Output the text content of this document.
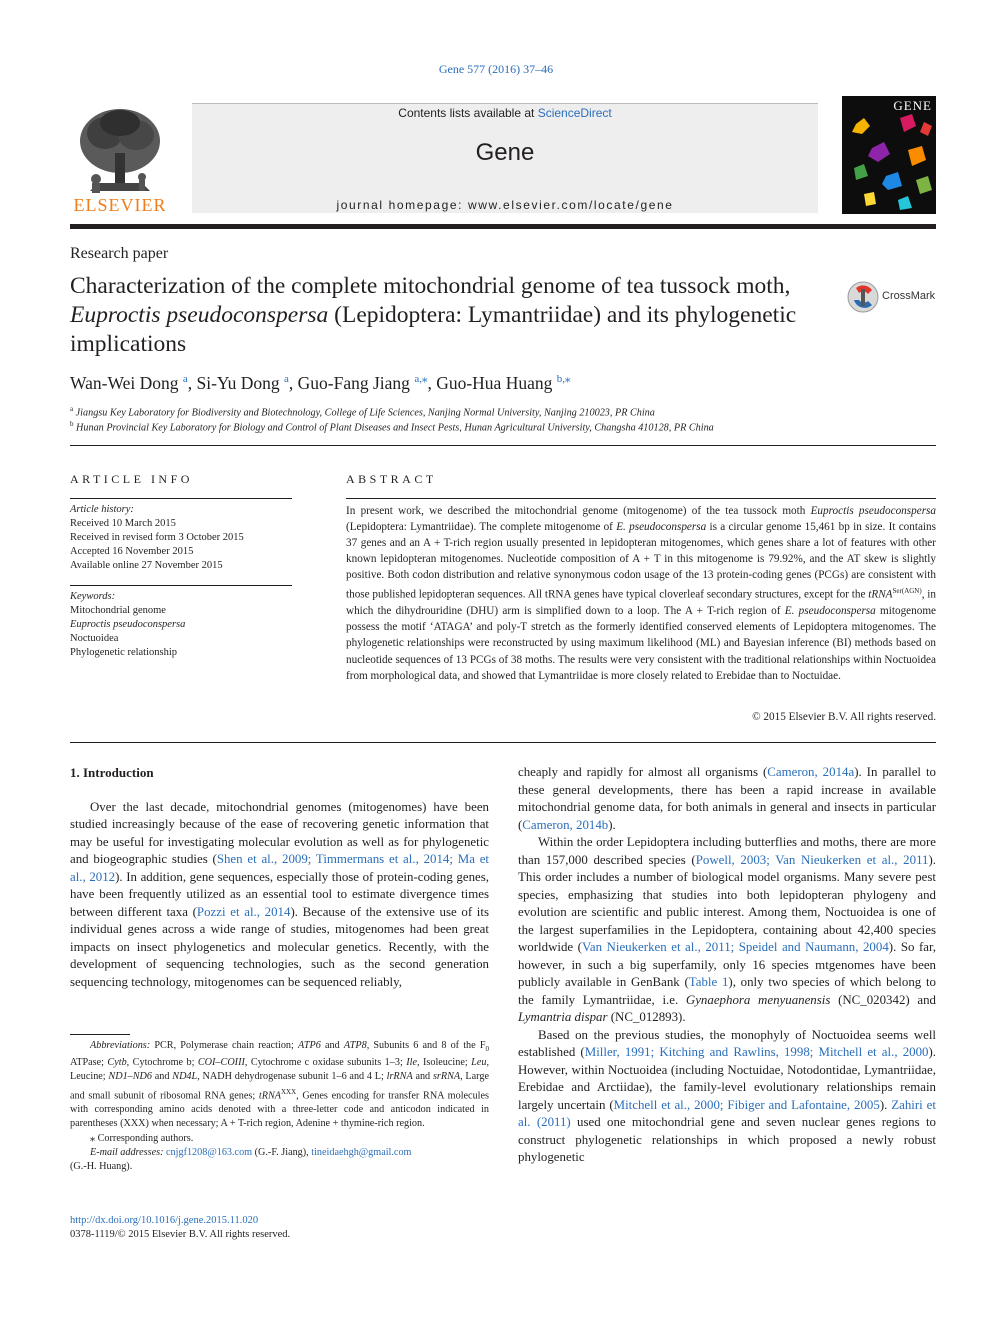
Gene 577 (2016) 37–46
ELSEVIER
Contents lists available at ScienceDirect
Gene
journal homepage: www.elsevier.com/locate/gene
GENE
Research paper
Characterization of the complete mitochondrial genome of tea tussock moth, Euproctis pseudoconspersa (Lepidoptera: Lymantriidae) and its phylogenetic implications
CrossMark
Wan-Wei Dong $^a$, Si-Yu Dong $^a$, Guo-Fang Jiang $^{a,⁎}$, Guo-Hua Huang $^{b,⁎}$
$^a$ Jiangsu Key Laboratory for Biodiversity and Biotechnology, College of Life Sciences, Nanjing Normal University, Nanjing 210023, PR China
$^b$ Hunan Provincial Key Laboratory for Biology and Control of Plant Diseases and Insect Pests, Hunan Agricultural University, Changsha 410128, PR China
ARTICLE INFO
Article history:
Received 10 March 2015
Received in revised form 3 October 2015
Accepted 16 November 2015
Available online 27 November 2015
Keywords:
Mitochondrial genome
Euproctis pseudoconspersa
Noctuoidea
Phylogenetic relationship
ABSTRACT
In present work, we described the mitochondrial genome (mitogenome) of the tea tussock moth Euproctis pseudoconspersa (Lepidoptera: Lymantriidae). The complete mitogenome of E. pseudoconspersa is a circular genome 15,461 bp in size. It contains 37 genes and an A + T-rich region usually presented in lepidopteran mitogenomes, which genes share a lot of features with other known lepidopteran mitogenomes. Nucleotide composition of A + T in this mitogenome is 79.92%, and the AT skew is slightly positive. Both codon distribution and relative synonymous codon usage of the 13 protein-coding genes (PCGs) are consistent with those published lepidopteran sequences. All tRNA genes have typical cloverleaf secondary structures, except for the tRNA$^{Ser(AGN)}$, in which the dihydrouridine (DHU) arm is simplified down to a loop. The A + T-rich region of E. pseudoconspersa mitogenome possess the motif ‘ATAGA’ and poly-T stretch as the formerly identified conserved elements of Lepidoptera mitogenomes. The phylogenetic relationships were reconstructed by using maximum likelihood (ML) and Bayesian inference (BI) methods based on nucleotide sequences of 13 PCGs of 38 moths. The results were very consistent with the traditional relationships within Noctuoidea from morphological data, and showed that Lymantriidae is more closely related to Erebidae than to Noctuidae.
© 2015 Elsevier B.V. All rights reserved.
1. Introduction

Over the last decade, mitochondrial genomes (mitogenomes) have been studied increasingly because of the ease of recovering genetic information that may be useful for investigating molecular evolution as well as for phylogenetic and biogeographic studies (Shen et al., 2009; Timmermans et al., 2014; Ma et al., 2012). In addition, gene sequences, especially those of protein-coding genes, have been frequently utilized as an essential tool to estimate divergence times between different taxa (Pozzi et al., 2014). Because of the extensive use of its individual genes across a wide range of studies, mitogenomes had been great impacts on insect phylogenetics and molecular genetics. Recently, with the development of sequencing technologies, such as the second generation sequencing technology, mitogenomes can be sequenced reliably,

cheaply and rapidly for almost all organisms (Cameron, 2014a). In parallel to these general developments, there has been a rapid increase in available mitochondrial genome data, for both animals in general and insects in particular (Cameron, 2014b).

Within the order Lepidoptera including butterflies and moths, there are more than 157,000 described species (Powell, 2003; Van Nieukerken et al., 2011). This order includes a number of biological model organisms. Many severe pest species, emphasizing that studies into both lepidopteran phylogeny and evolution are scientific and public interest. Among them, Noctuoidea is one of the largest superfamilies in the Lepidoptera, containing about 42,400 species worldwide (Van Nieukerken et al., 2011; Speidel and Naumann, 2004). So far, however, in such a big superfamily, only 16 species mtgenomes have been publicly available in GenBank (Table 1), only two species of which belong to the family Lymantriidae, i.e. Gynaephora menyuanensis (NC_020342) and Lymantria dispar (NC_012893).

Based on the previous studies, the monophyly of Noctuoidea seems well established (Miller, 1991; Kitching and Rawlins, 1998; Mitchell et al., 2000). However, within Noctuoidea (including Noctuidae, Notodontidae, Lymantriidae, Erebidae and Arctiidae), the family-level evolutionary relationships remain largely uncertain (Mitchell et al., 2000; Fibiger and Lafontaine, 2005). Zahiri et al. (2011) used one mitochondrial gene and seven nuclear genes regions to construct phylogenetic relationships in which proposed a newly robust phylogenetic

Abbreviations: PCR, Polymerase chain reaction; ATP6 and ATP8, Subunits 6 and 8 of the $F_0$ ATPase; Cytb, Cytochrome b; COI–COIII, Cytochrome c oxidase subunits 1–3; Ile, Isoleucine; Leu, Leucine; ND1–ND6 and ND4L, NADH dehydrogenase subunit 1–6 and 4 L; lrRNA and srRNA, Large and small subunit of ribosomal RNA genes; tRNA$^{XXX}$, Genes encoding for transfer RNA molecules with corresponding amino acids denoted with a three-letter code and anticodon indicated in parentheses (XXX) when necessary; A + T-rich region, Adenine + thymine-rich region.

⁎ Corresponding authors.

E-mail addresses: cnjgf1208@163.com (G.-F. Jiang), tineidaehgh@gmail.com

(G.-H. Huang).
http://dx.doi.org/10.1016/j.gene.2015.11.020
0378-1119/© 2015 Elsevier B.V. All rights reserved.
